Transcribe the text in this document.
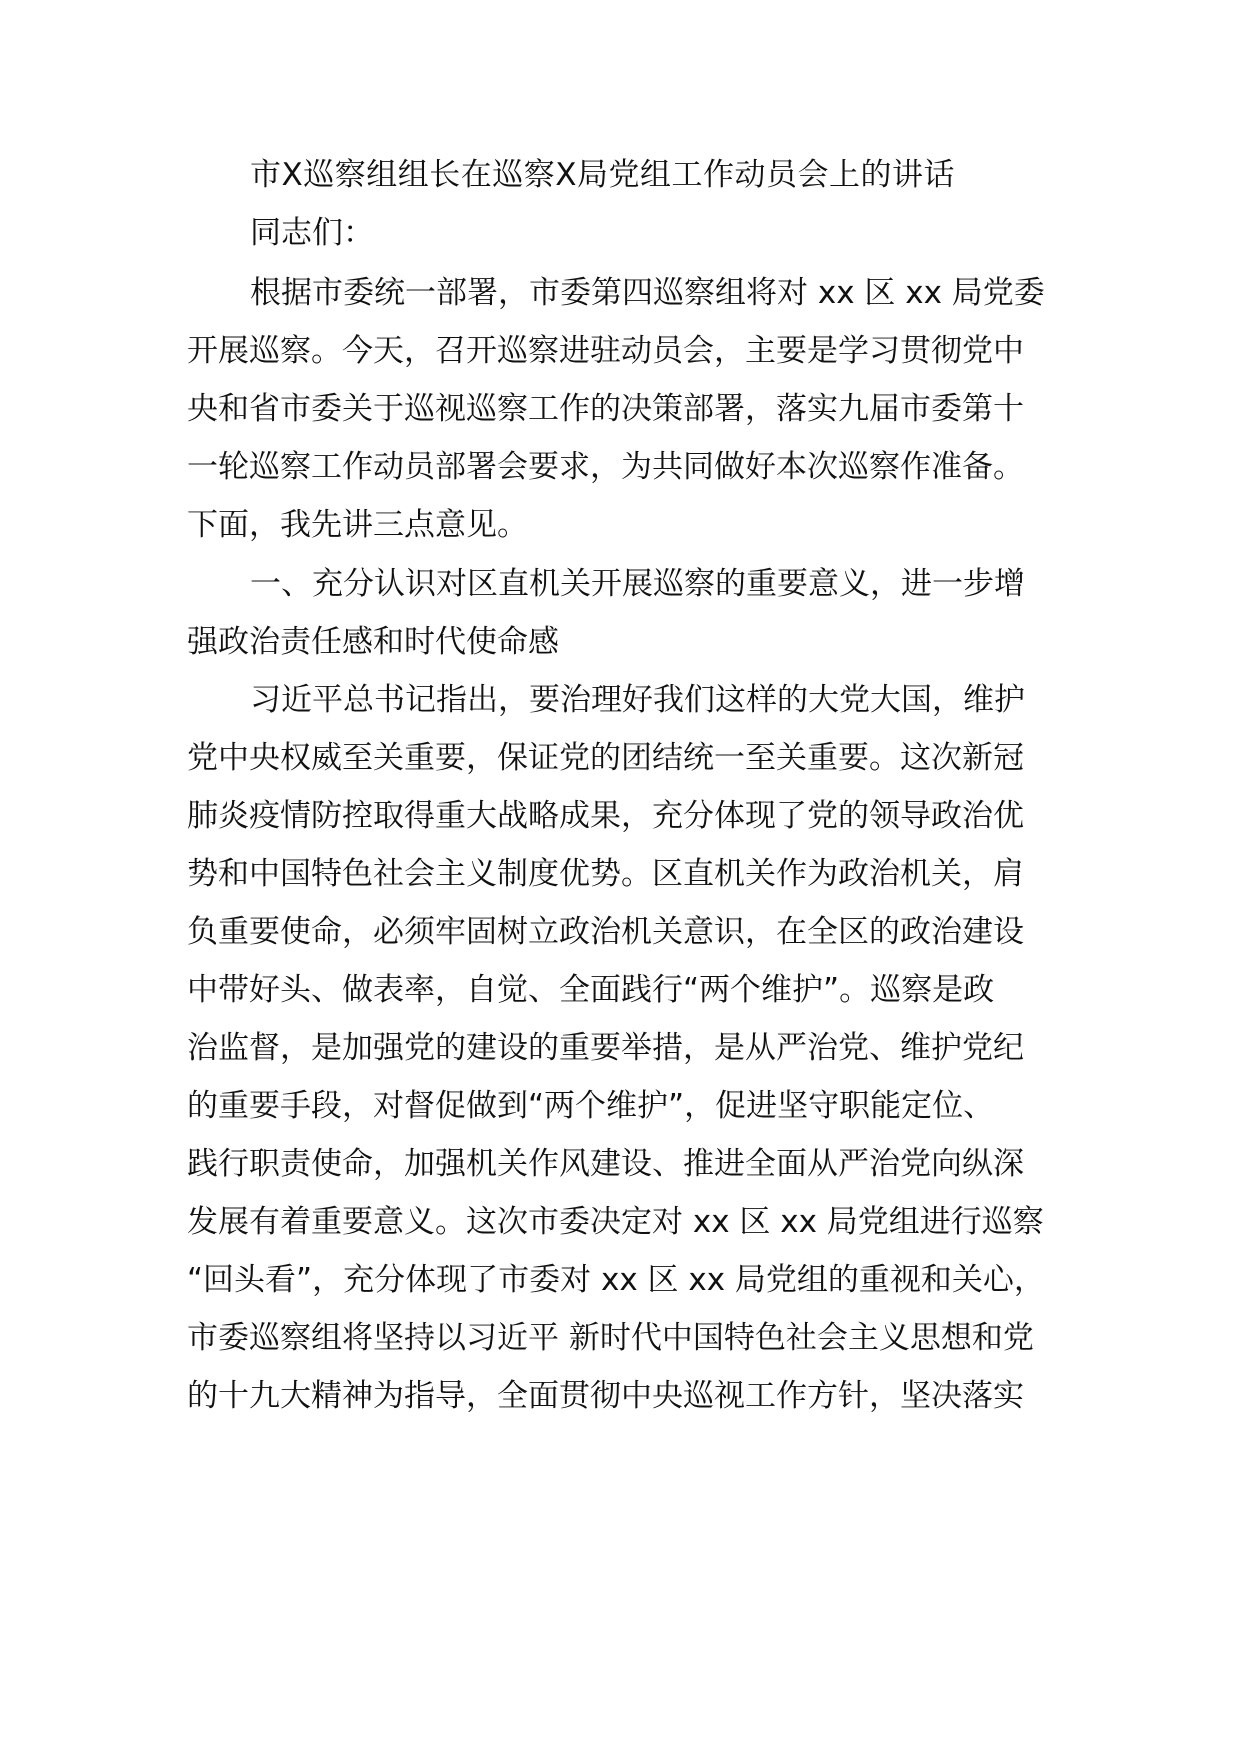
市X巡察组组长在巡察X局党组工作动员会上的讲话
同志们：
根据市委统一部署，市委第四巡察组将对 xx 区 xx 局党委
开展巡察。今天，召开巡察进驻动员会，主要是学习贯彻党中
央和省市委关于巡视巡察工作的决策部署，落实九届市委第十
一轮巡察工作动员部署会要求，为共同做好本次巡察作准备。
下面，我先讲三点意见。
一、充分认识对区直机关开展巡察的重要意义，进一步增
强政治责任感和时代使命感
习近平总书记指出，要治理好我们这样的大党大国，维护
党中央权威至关重要，保证党的团结统一至关重要。这次新冠
肺炎疫情防控取得重大战略成果，充分体现了党的领导政治优
势和中国特色社会主义制度优势。区直机关作为政治机关，肩
负重要使命，必须牢固树立政治机关意识，在全区的政治建设
中带好头、做表率，自觉、全面践行“两个维护”。巡察是政
治监督，是加强党的建设的重要举措，是从严治党、维护党纪
的重要手段，对督促做到“两个维护”，促进坚守职能定位、
践行职责使命，加强机关作风建设、推进全面从严治党向纵深
发展有着重要意义。这次市委决定对 xx 区 xx 局党组进行巡察
“回头看”，充分体现了市委对 xx 区 xx 局党组的重视和关心，
市委巡察组将坚持以习近平 新时代中国特色社会主义思想和党
的十九大精神为指导，全面贯彻中央巡视工作方针，坚决落实
